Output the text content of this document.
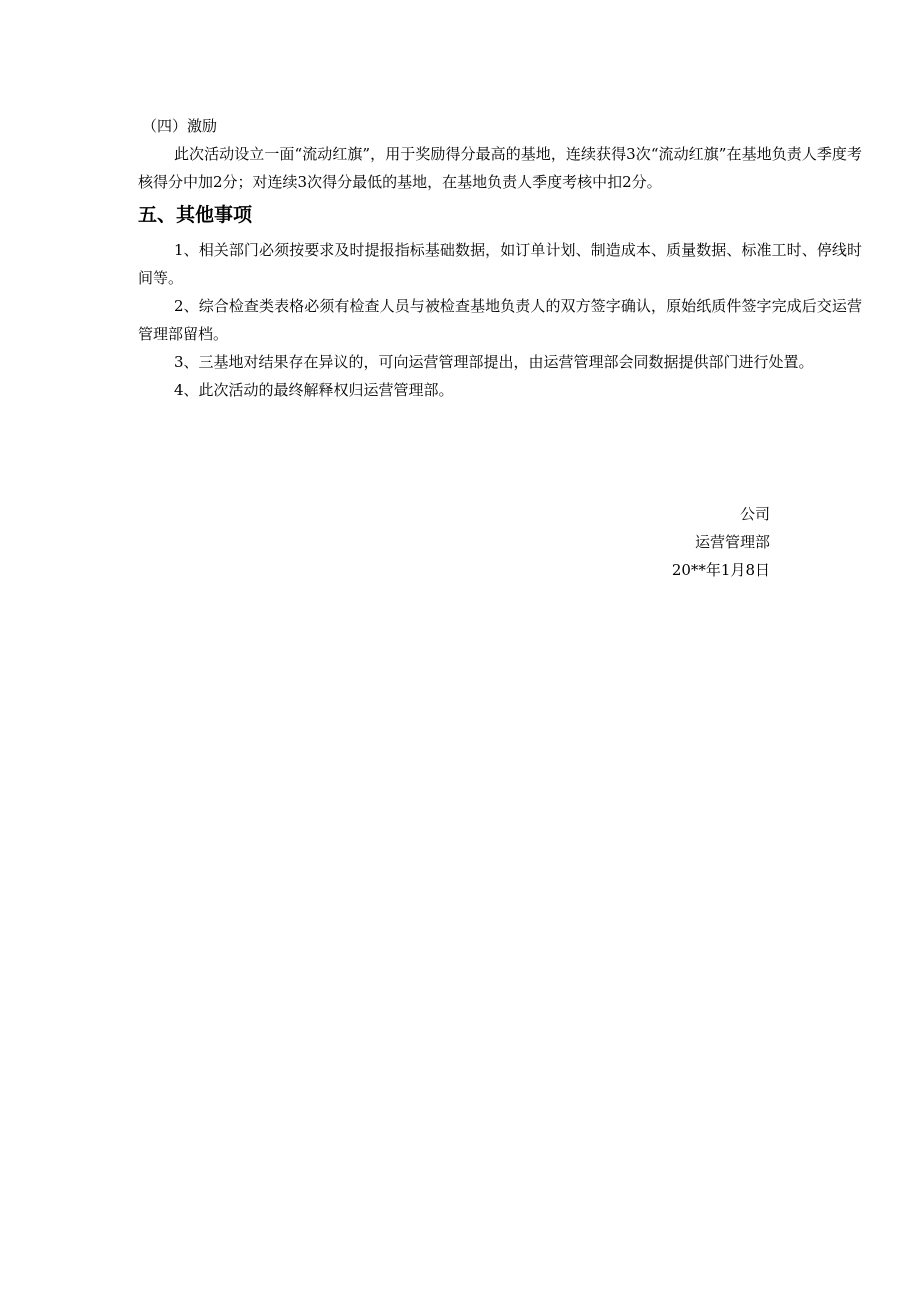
（四）激励

此次活动设立一面“流动红旗”，用于奖励得分最高的基地，连续获得3次“流动红旗”在基地负责人季度考核得分中加2分；对连续3次得分最低的基地，在基地负责人季度考核中扣2分。

五、其他事项

1、相关部门必须按要求及时提报指标基础数据，如订单计划、制造成本、质量数据、标准工时、停线时间等。

2、综合检查类表格必须有检查人员与被检查基地负责人的双方签字确认，原始纸质件签字完成后交运营管理部留档。

3、三基地对结果存在异议的，可向运营管理部提出，由运营管理部会同数据提供部门进行处置。

4、此次活动的最终解释权归运营管理部。

公司
运营管理部
20**年1月8日
